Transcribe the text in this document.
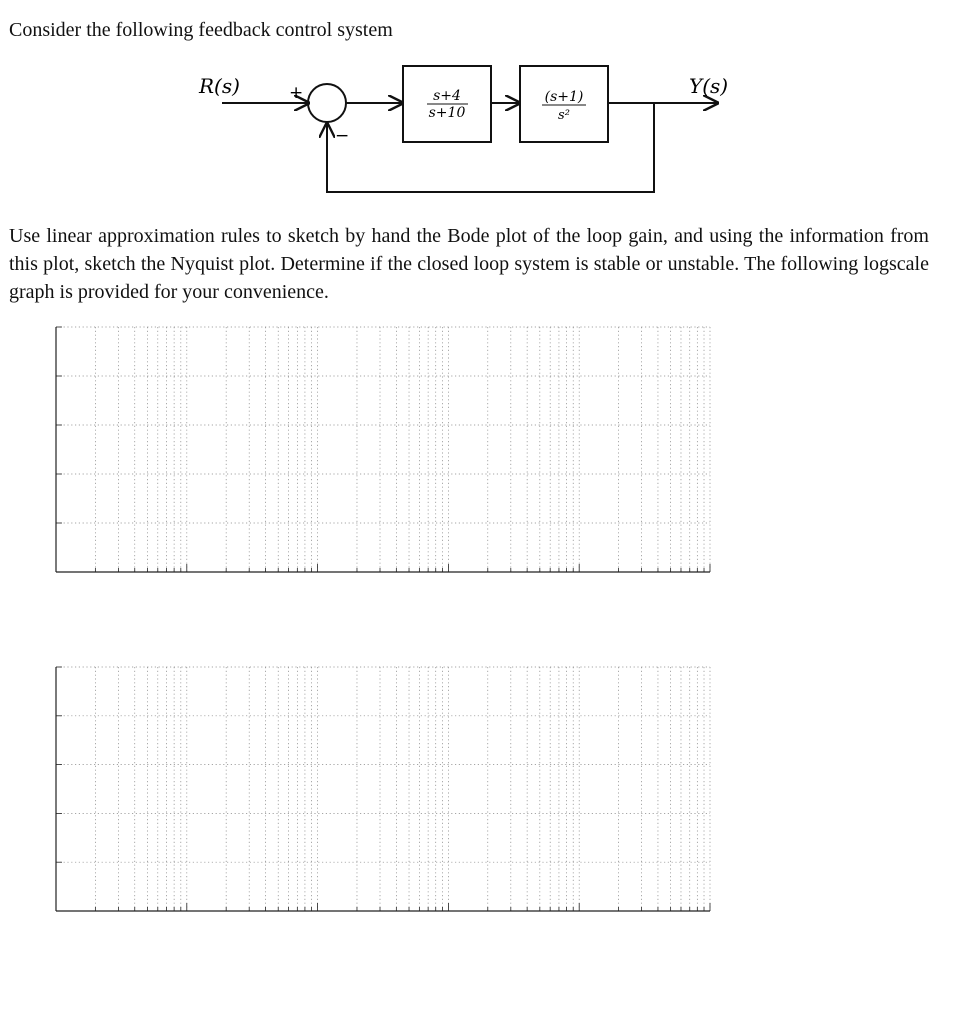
Consider the following feedback control system

R(s)	+
−
s+4
s+10
(s+1)
s²
Y(s)

Use linear approximation rules to sketch by hand the Bode plot of the loop gain, and using the information from this plot, sketch the Nyquist plot. Determine if the closed loop system is stable or unstable. The following logscale graph is provided for your convenience.
